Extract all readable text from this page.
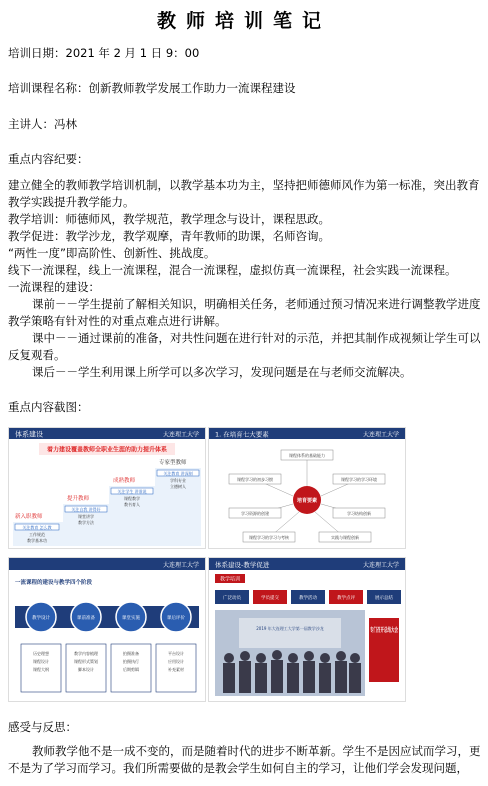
教师培训笔记
培训日期：2021 年 2 月 1 日 9：00
培训课程名称：创新教师教学发展工作助力一流课程建设
主讲人：冯林
重点内容纪要：
建立健全的教师教学培训机制，以教学基本功为主，坚持把师德师风作为第一标准，突出教育教学实践提升教学能力。
教学培训：师德师风，教学规范，教学理念与设计，课程思政。
教学促进：教学沙龙，教学观摩，青年教师的助课，名师咨询。
“两性一度”即高阶性、创新性、挑战度。
线下一流课程，线上一流课程，混合一流课程，虚拟仿真一流课程，社会实践一流课程。
一流课程的建设：
课前－－学生提前了解相关知识，明确相关任务，老师通过预习情况来进行调整教学进度教学策略有针对性的对重点难点进行讲解。
课中－－通过课前的准备，对共性问题在进行针对的示范，并把其制作成视频让学生可以反复观看。
课后－－学生利用课上所学可以多次学习，发现问题是在与老师交流解决。
重点内容截图：
体系建设	大连理工大学
着力建设覆盖教师全职业生涯的助力提升体系
专家型教师
成熟教师
提升教师
新入职教师
关注教育 怎么教
工作规范
教学基本功
关注自我 讲得好
课堂讲学
教学方法
关注学生 讲准说
课程教学
教书育人
关注教育 讲深刻
学科专业
立德树人
1. 在培育七大要素	大连理工大学
培育要素
课程体系的基础能力
课程学习的初步习惯	课程学习的学习环境
学习资源的创建	学习结构创新
课程学习的学习与考核	实践与课程创新
大连理工大学
一流课程的建设与教学四个阶段
教学设计	课前准备	课堂实施	课后评价
历史理想
课程设计
课程大纲
教学内容梳理
课程形式策划
脚本设计
拍摄准备
拍摄执行
后期剪辑
平台设计
应用设计
补充素材
体系建设-教学促进	大连理工大学
教学培训
广泛动员	学员提交	教学活动	教学点评	展示总结
2019 年大连理工大学第一届教学沙龙	专门召开总结大会
感受与反思：
教师教学他不是一成不变的，而是随着时代的进步不断革新。学生不是因应试而学习，更不是为了学习而学习。我们所需要做的是教会学生如何自主的学习，让他们学会发现问题，
